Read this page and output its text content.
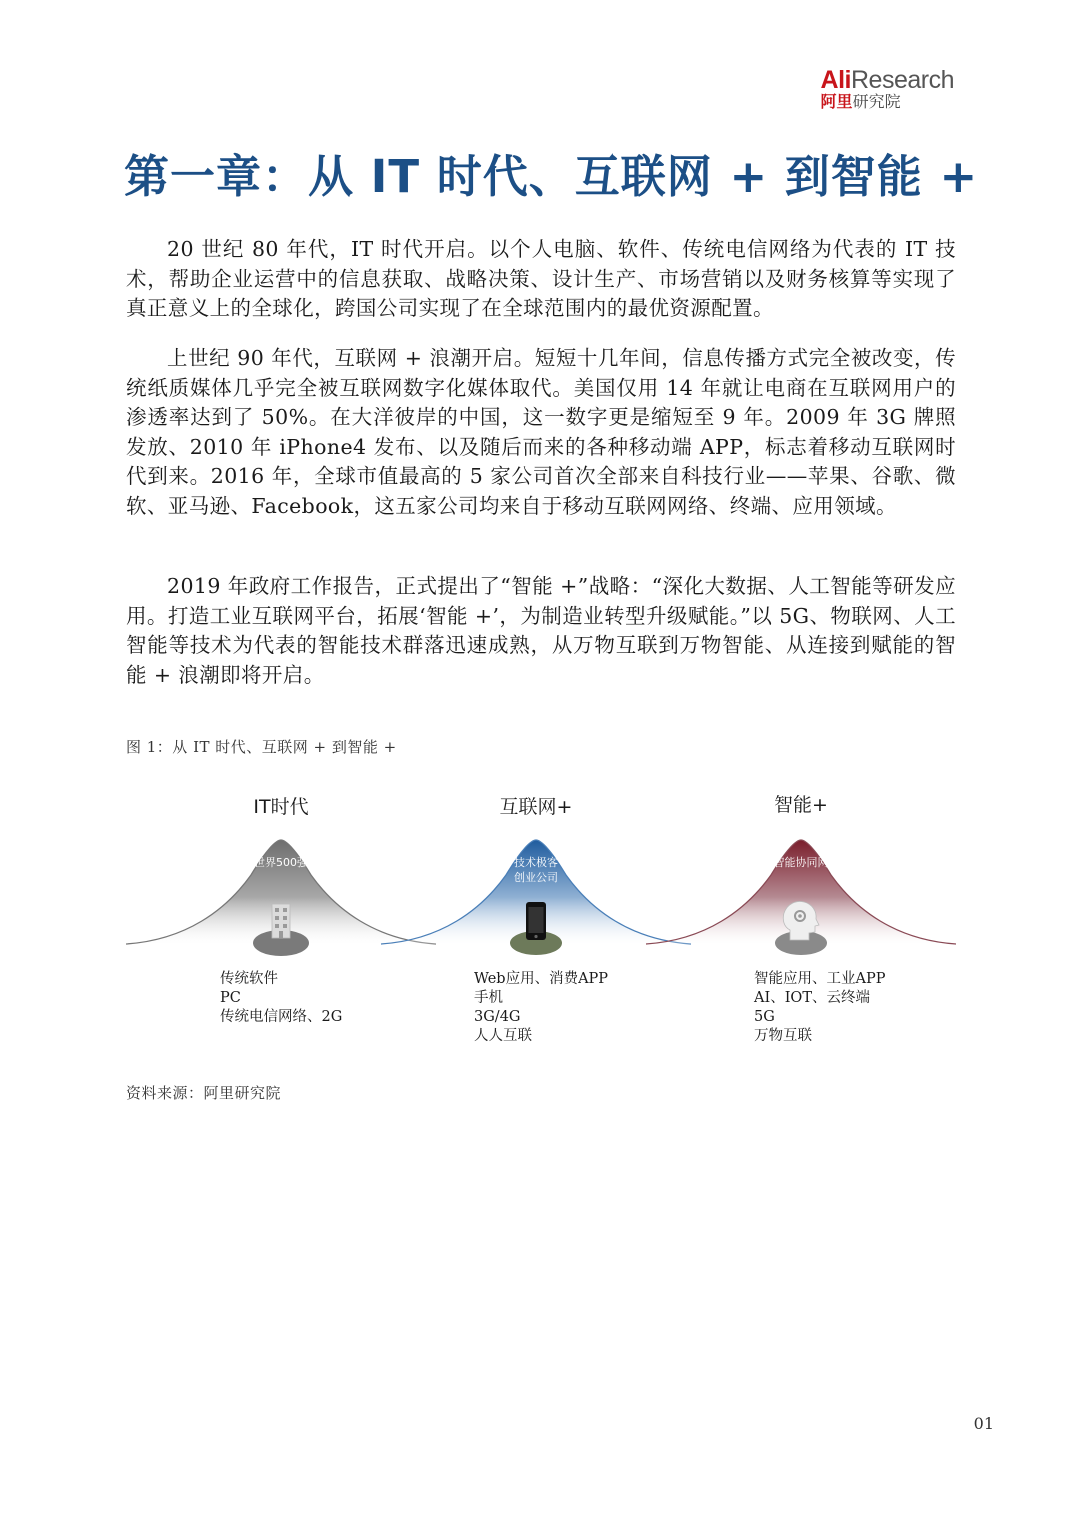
AliResearch
阿里研究院
第一章：从 IT 时代、互联网 + 到智能 +

20 世纪 80 年代，IT 时代开启。以个人电脑、软件、传统电信网络为代表的 IT 技术，帮助企业运营中的信息获取、战略决策、设计生产、市场营销以及财务核算等实现了真正意义上的全球化，跨国公司实现了在全球范围内的最优资源配置。

上世纪 90 年代，互联网 + 浪潮开启。短短十几年间，信息传播方式完全被改变，传统纸质媒体几乎完全被互联网数字化媒体取代。美国仅用 14 年就让电商在互联网用户的渗透率达到了 50%。在大洋彼岸的中国，这一数字更是缩短至 9 年。2009 年 3G 牌照发放、2010 年 iPhone4 发布、以及随后而来的各种移动端 APP，标志着移动互联网时代到来。2016 年，全球市值最高的 5 家公司首次全部来自科技行业——苹果、谷歌、微软、亚马逊、Facebook，这五家公司均来自于移动互联网网络、终端、应用领域。

2019 年政府工作报告，正式提出了“智能 +”战略：“深化大数据、人工智能等研发应用。打造工业互联网平台，拓展‘智能 +’，为制造业转型升级赋能。”以 5G、物联网、人工智能等技术为代表的智能技术群落迅速成熟，从万物互联到万物智能、从连接到赋能的智能 + 浪潮即将开启。

图 1：从 IT 时代、互联网 + 到智能 +
IT时代	互联网+	智能+
世界500强	技术极客
创业公司
智能协同网
传统软件
PC
传统电信网络、2G
Web应用、消费APP
手机
3G/4G
人人互联
智能应用、工业APP
AI、IOT、云终端
5G
万物互联
资料来源：阿里研究院
01
